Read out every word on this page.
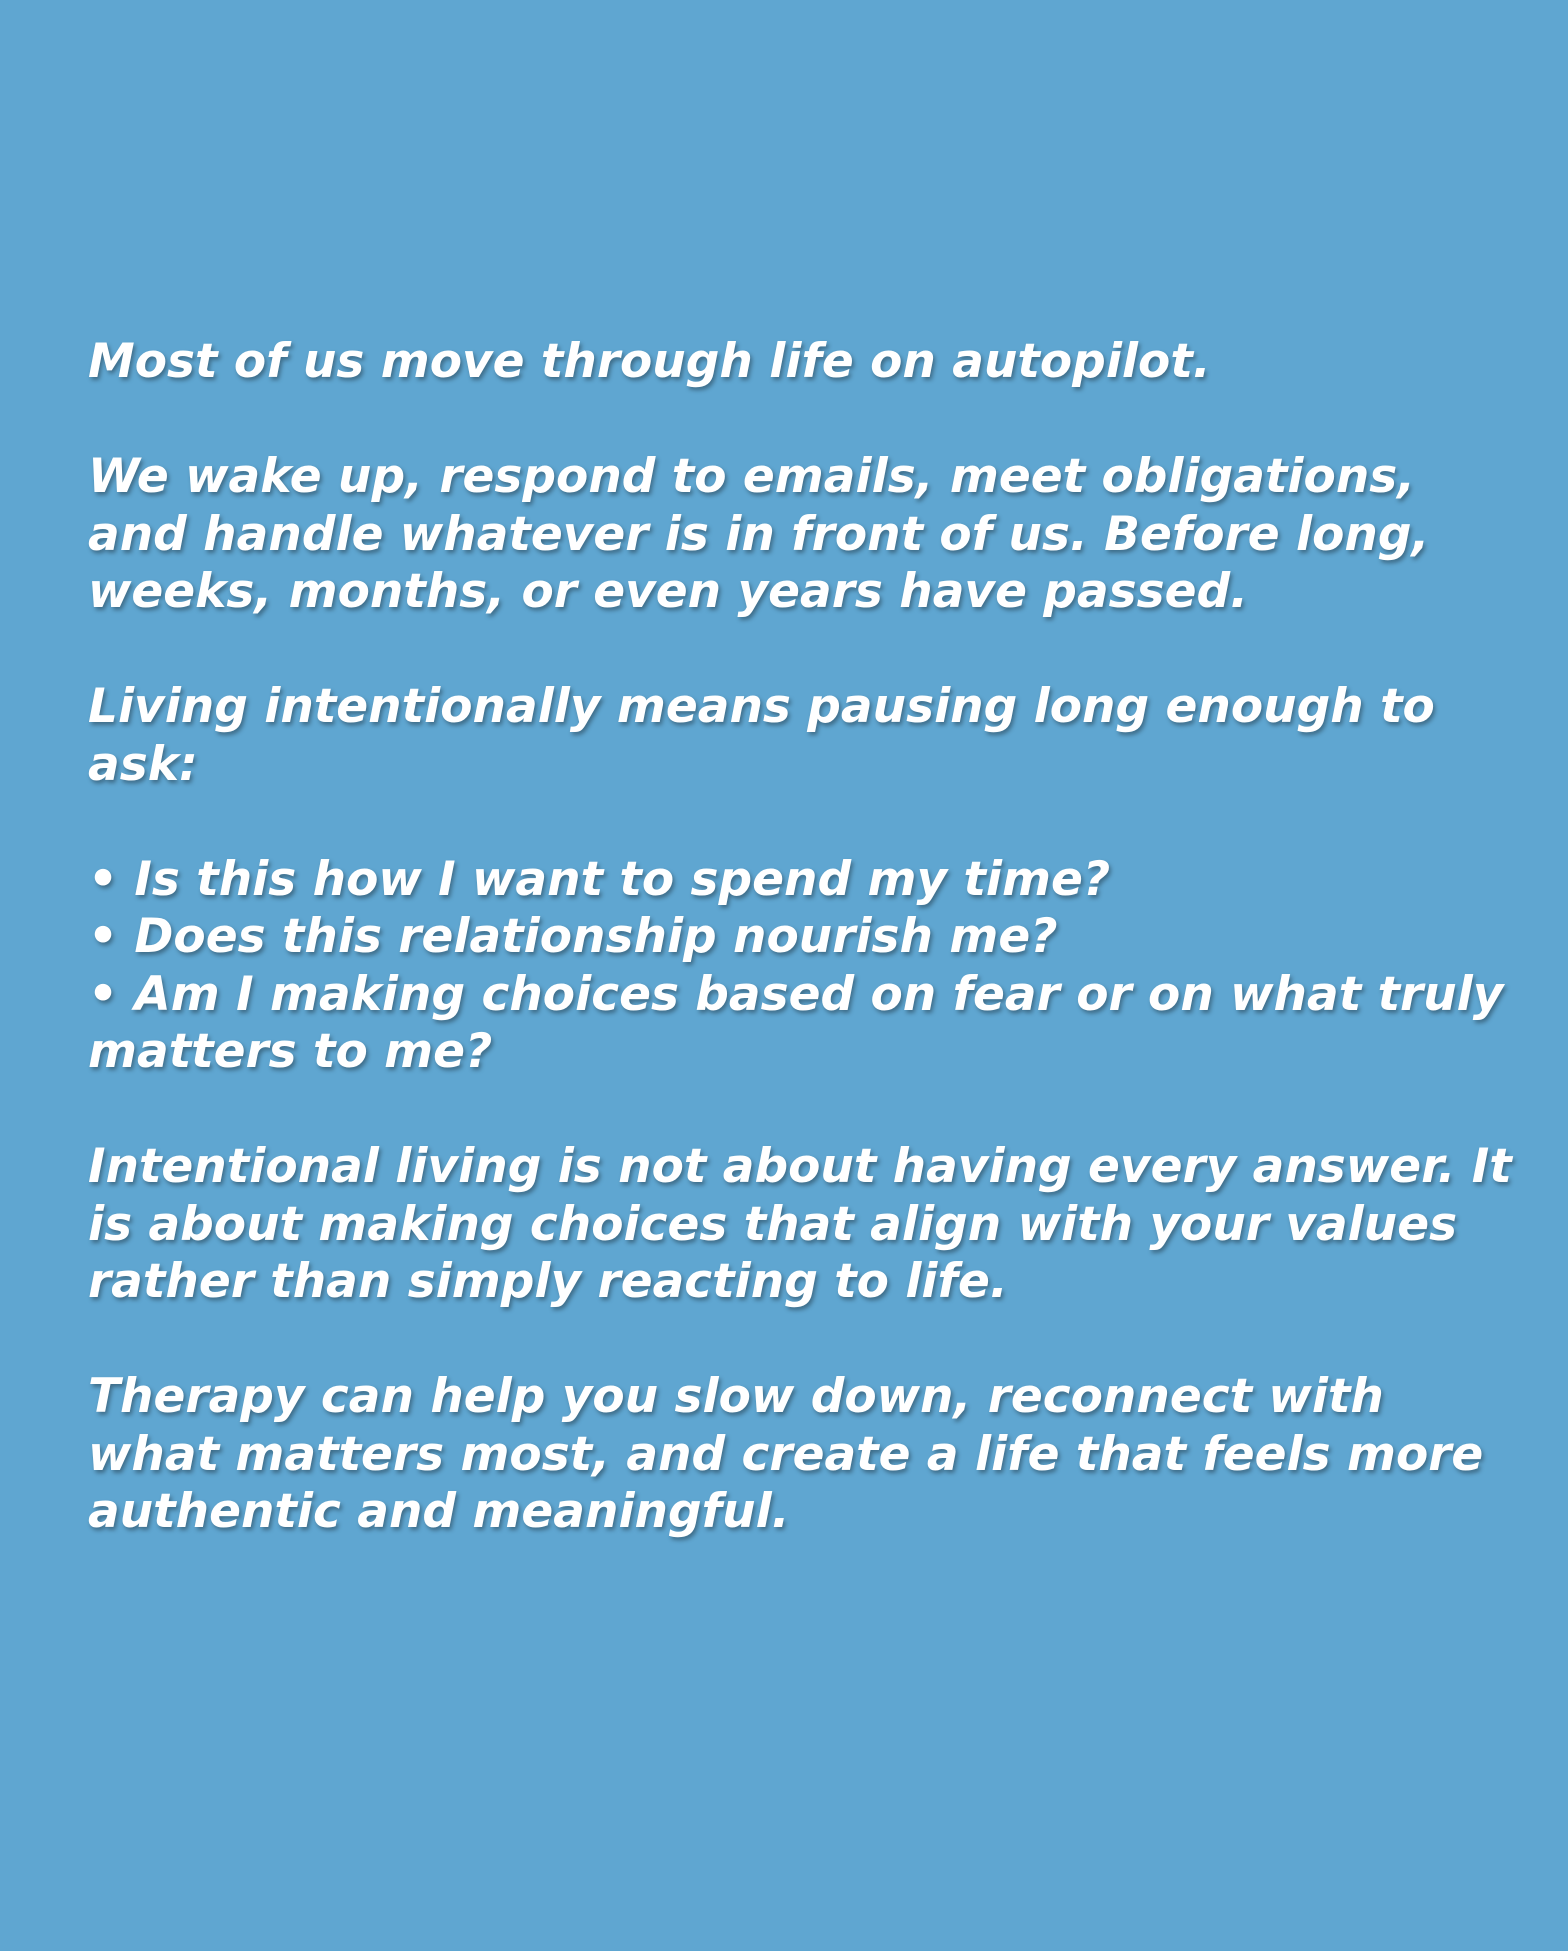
Most of us move through life on autopilot.
We wake up, respond to emails, meet obligations,
and handle whatever is in front of us. Before long,
weeks, months, or even years have passed.
Living intentionally means pausing long enough to
ask:
• Is this how I want to spend my time?
• Does this relationship nourish me?
• Am I making choices based on fear or on what truly
matters to me?
Intentional living is not about having every answer. It
is about making choices that align with your values
rather than simply reacting to life.
Therapy can help you slow down, reconnect with
what matters most, and create a life that feels more
authentic and meaningful.
